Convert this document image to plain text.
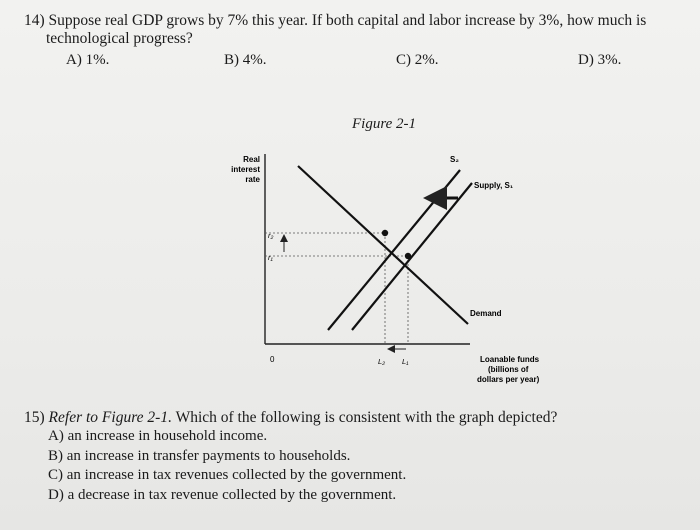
14) Suppose real GDP grows by 7% this year. If both capital and labor increase by 3%, how much is
technological progress?
A) 1%.	B) 4%.	C) 2%.	D) 3%.
Figure 2-1
Real
interest
rate
0	Loanable funds
(billions of
dollars per year)
S₂
Supply, S₁
Demand
r₂
r₁
L₂ L₁
15) Refer to Figure 2-1. Which of the following is consistent with the graph depicted?
A) an increase in household income.
B) an increase in transfer payments to households.
C) an increase in tax revenues collected by the government.
D) a decrease in tax revenue collected by the government.
